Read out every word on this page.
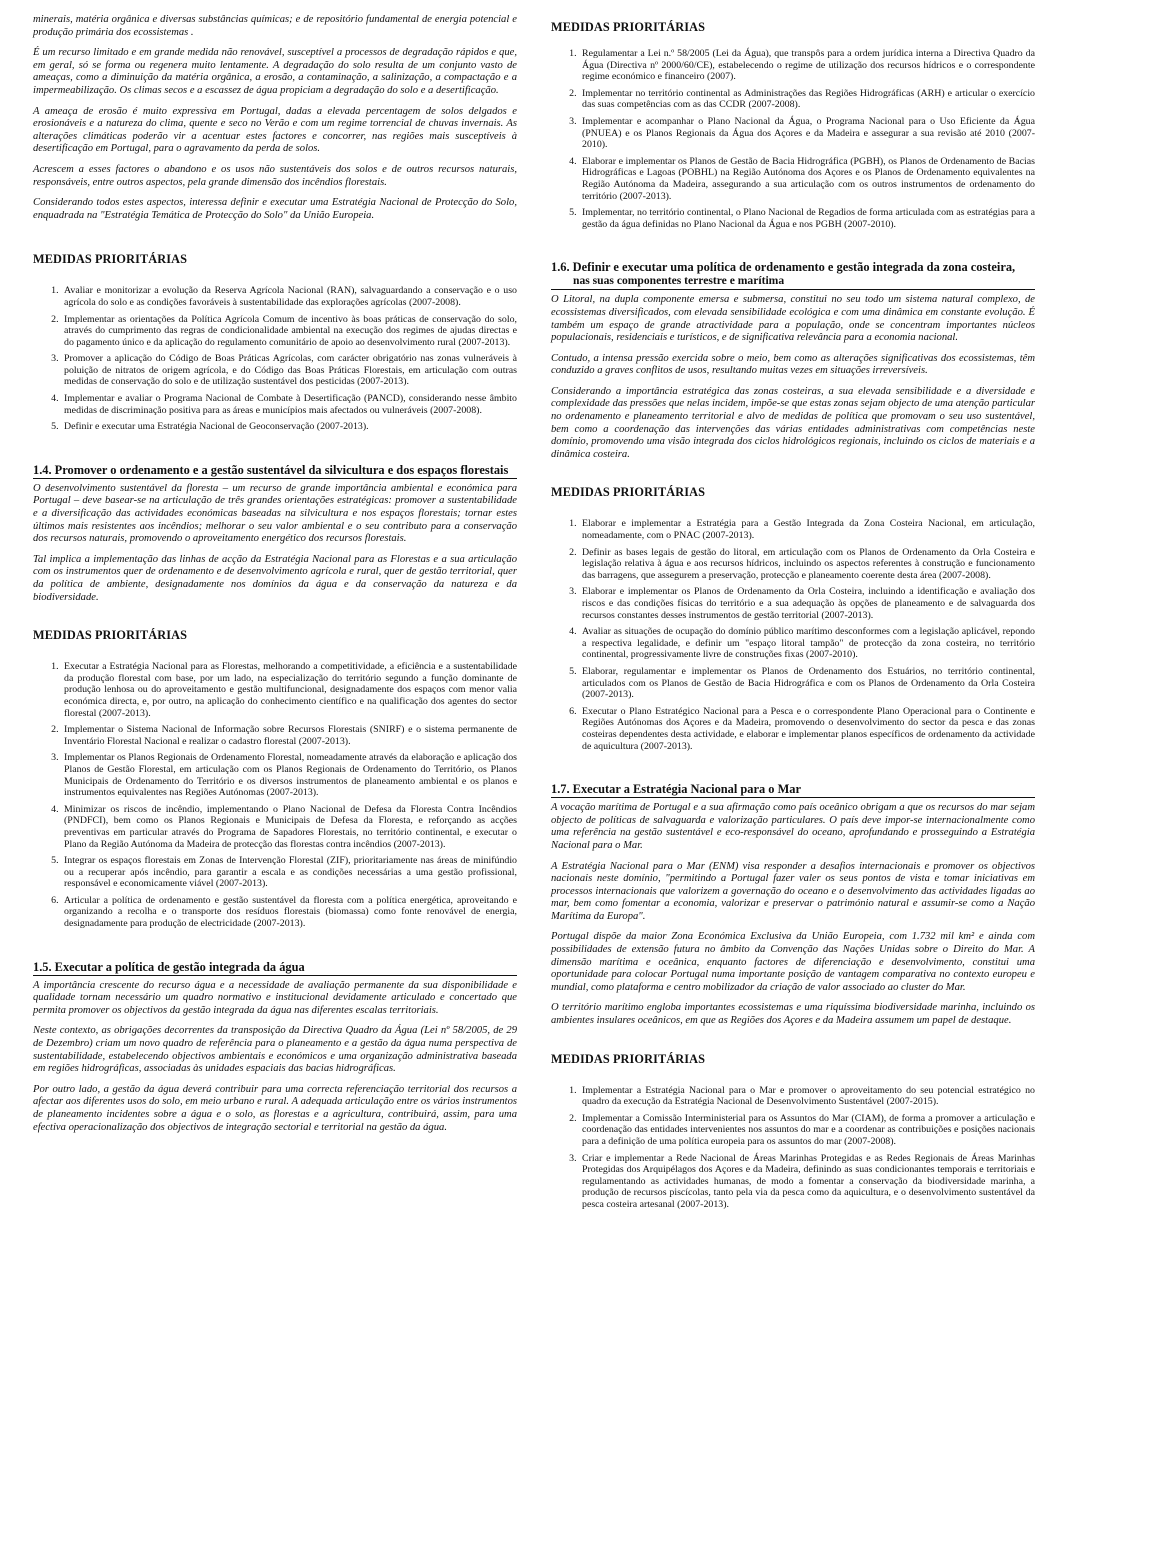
minerais, matéria orgânica e diversas substâncias químicas; e de repositório fundamental de energia potencial e produção primária dos ecossistemas .

É um recurso limitado e em grande medida não renovável, susceptível a processos de degradação rápidos e que, em geral, só se forma ou regenera muito lentamente. A degradação do solo resulta de um conjunto vasto de ameaças, como a diminuição da matéria orgânica, a erosão, a contaminação, a salinização, a compactação e a impermeabilização. Os climas secos e a escassez de água propiciam a degradação do solo e a desertificação.

A ameaça de erosão é muito expressiva em Portugal, dadas a elevada percentagem de solos delgados e erosionáveis e a natureza do clima, quente e seco no Verão e com um regime torrencial de chuvas invernais. As alterações climáticas poderão vir a acentuar estes factores e concorrer, nas regiões mais susceptíveis à desertificação em Portugal, para o agravamento da perda de solos.

Acrescem a esses factores o abandono e os usos não sustentáveis dos solos e de outros recursos naturais, responsáveis, entre outros aspectos, pela grande dimensão dos incêndios florestais.

Considerando todos estes aspectos, interessa definir e executar uma Estratégia Nacional de Protecção do Solo, enquadrada na "Estratégia Temática de Protecção do Solo" da União Europeia.

MEDIDAS PRIORITÁRIAS
1. Avaliar e monitorizar a evolução da Reserva Agrícola Nacional (RAN), salvaguardando a conservação e o uso agrícola do solo e as condições favoráveis à sustentabilidade das explorações agrícolas (2007-2008).
2. Implementar as orientações da Política Agrícola Comum de incentivo às boas práticas de conservação do solo, através do cumprimento das regras de condicionalidade ambiental na execução dos regimes de ajudas directas e do pagamento único e da aplicação do regulamento comunitário de apoio ao desenvolvimento rural (2007-2013).
3. Promover a aplicação do Código de Boas Práticas Agrícolas, com carácter obrigatório nas zonas vulneráveis à poluição de nitratos de origem agrícola, e do Código das Boas Práticas Florestais, em articulação com outras medidas de conservação do solo e de utilização sustentável dos pesticidas (2007-2013).
4. Implementar e avaliar o Programa Nacional de Combate à Desertificação (PANCD), considerando nesse âmbito medidas de discriminação positiva para as áreas e municípios mais afectados ou vulneráveis (2007-2008).
5. Definir e executar uma Estratégia Nacional de Geoconservação (2007-2013).
1.4. Promover o ordenamento e a gestão sustentável da silvicultura e dos espaços florestais

O desenvolvimento sustentável da floresta – um recurso de grande importância ambiental e económica para Portugal – deve basear-se na articulação de três grandes orientações estratégicas: promover a sustentabilidade e a diversificação das actividades económicas baseadas na silvicultura e nos espaços florestais; tornar estes últimos mais resistentes aos incêndios; melhorar o seu valor ambiental e o seu contributo para a conservação dos recursos naturais, promovendo o aproveitamento energético dos recursos florestais.

Tal implica a implementação das linhas de acção da Estratégia Nacional para as Florestas e a sua articulação com os instrumentos quer de ordenamento e de desenvolvimento agrícola e rural, quer de gestão territorial, quer da política de ambiente, designadamente nos domínios da água e da conservação da natureza e da biodiversidade.

MEDIDAS PRIORITÁRIAS
1. Executar a Estratégia Nacional para as Florestas, melhorando a competitividade, a eficiência e a sustentabilidade da produção florestal com base, por um lado, na especialização do território segundo a função dominante de produção lenhosa ou do aproveitamento e gestão multifuncional, designadamente dos espaços com menor valia económica directa, e, por outro, na aplicação do conhecimento científico e na qualificação dos agentes do sector florestal (2007-2013).
2. Implementar o Sistema Nacional de Informação sobre Recursos Florestais (SNIRF) e o sistema permanente de Inventário Florestal Nacional e realizar o cadastro florestal (2007-2013).
3. Implementar os Planos Regionais de Ordenamento Florestal, nomeadamente através da elaboração e aplicação dos Planos de Gestão Florestal, em articulação com os Planos Regionais de Ordenamento do Território, os Planos Municipais de Ordenamento do Território e os diversos instrumentos de planeamento ambiental e os planos e instrumentos equivalentes nas Regiões Autónomas (2007-2013).
4. Minimizar os riscos de incêndio, implementando o Plano Nacional de Defesa da Floresta Contra Incêndios (PNDFCI), bem como os Planos Regionais e Municipais de Defesa da Floresta, e reforçando as acções preventivas em particular através do Programa de Sapadores Florestais, no território continental, e executar o Plano da Região Autónoma da Madeira de protecção das florestas contra incêndios (2007-2013).
5. Integrar os espaços florestais em Zonas de Intervenção Florestal (ZIF), prioritariamente nas áreas de minifúndio ou a recuperar após incêndio, para garantir a escala e as condições necessárias a uma gestão profissional, responsável e economicamente viável (2007-2013).
6. Articular a política de ordenamento e gestão sustentável da floresta com a política energética, aproveitando e organizando a recolha e o transporte dos resíduos florestais (biomassa) como fonte renovável de energia, designadamente para produção de electricidade (2007-2013).
1.5. Executar a política de gestão integrada da água

A importância crescente do recurso água e a necessidade de avaliação permanente da sua disponibilidade e qualidade tornam necessário um quadro normativo e institucional devidamente articulado e concertado que permita promover os objectivos da gestão integrada da água nas diferentes escalas territoriais.

Neste contexto, as obrigações decorrentes da transposição da Directiva Quadro da Água (Lei nº 58/2005, de 29 de Dezembro) criam um novo quadro de referência para o planeamento e a gestão da água numa perspectiva de sustentabilidade, estabelecendo objectivos ambientais e económicos e uma organização administrativa baseada em regiões hidrográficas, associadas às unidades espaciais das bacias hidrográficas.

Por outro lado, a gestão da água deverá contribuir para uma correcta referenciação territorial dos recursos a afectar aos diferentes usos do solo, em meio urbano e rural. A adequada articulação entre os vários instrumentos de planeamento incidentes sobre a água e o solo, as florestas e a agricultura, contribuirá, assim, para uma efectiva operacionalização dos objectivos de integração sectorial e territorial na gestão da água.

MEDIDAS PRIORITÁRIAS
1. Regulamentar a Lei n.º 58/2005 (Lei da Água), que transpôs para a ordem jurídica interna a Directiva Quadro da Água (Directiva nº 2000/60/CE), estabelecendo o regime de utilização dos recursos hídricos e o correspondente regime económico e financeiro (2007).
2. Implementar no território continental as Administrações das Regiões Hidrográficas (ARH) e articular o exercício das suas competências com as das CCDR (2007-2008).
3. Implementar e acompanhar o Plano Nacional da Água, o Programa Nacional para o Uso Eficiente da Água (PNUEA) e os Planos Regionais da Água dos Açores e da Madeira e assegurar a sua revisão até 2010 (2007-2010).
4. Elaborar e implementar os Planos de Gestão de Bacia Hidrográfica (PGBH), os Planos de Ordenamento de Bacias Hidrográficas e Lagoas (POBHL) na Região Autónoma dos Açores e os Planos de Ordenamento equivalentes na Região Autónoma da Madeira, assegurando a sua articulação com os outros instrumentos de ordenamento do território (2007-2013).
5. Implementar, no território continental, o Plano Nacional de Regadios de forma articulada com as estratégias para a gestão da água definidas no Plano Nacional da Água e nos PGBH (2007-2010).
1.6. Definir e executar uma política de ordenamento e gestão integrada da zona costeira,
nas suas componentes terrestre e marítima

O Litoral, na dupla componente emersa e submersa, constitui no seu todo um sistema natural complexo, de ecossistemas diversificados, com elevada sensibilidade ecológica e com uma dinâmica em constante evolução. É também um espaço de grande atractividade para a população, onde se concentram importantes núcleos populacionais, residenciais e turísticos, e de significativa relevância para a economia nacional.

Contudo, a intensa pressão exercida sobre o meio, bem como as alterações significativas dos ecossistemas, têm conduzido a graves conflitos de usos, resultando muitas vezes em situações irreversíveis.

Considerando a importância estratégica das zonas costeiras, a sua elevada sensibilidade e a diversidade e complexidade das pressões que nelas incidem, impõe-se que estas zonas sejam objecto de uma atenção particular no ordenamento e planeamento territorial e alvo de medidas de política que promovam o seu uso sustentável, bem como a coordenação das intervenções das várias entidades administrativas com competências neste domínio, promovendo uma visão integrada dos ciclos hidrológicos regionais, incluindo os ciclos de materiais e a dinâmica costeira.

MEDIDAS PRIORITÁRIAS
1. Elaborar e implementar a Estratégia para a Gestão Integrada da Zona Costeira Nacional, em articulação, nomeadamente, com o PNAC (2007-2013).
2. Definir as bases legais de gestão do litoral, em articulação com os Planos de Ordenamento da Orla Costeira e legislação relativa à água e aos recursos hídricos, incluindo os aspectos referentes à construção e funcionamento das barragens, que assegurem a preservação, protecção e planeamento coerente desta área (2007-2008).
3. Elaborar e implementar os Planos de Ordenamento da Orla Costeira, incluindo a identificação e avaliação dos riscos e das condições físicas do território e a sua adequação às opções de planeamento e de salvaguarda dos recursos constantes desses instrumentos de gestão territorial (2007-2013).
4. Avaliar as situações de ocupação do domínio público marítimo desconformes com a legislação aplicável, repondo a respectiva legalidade, e definir um "espaço litoral tampão" de protecção da zona costeira, no território continental, progressivamente livre de construções fixas (2007-2010).
5. Elaborar, regulamentar e implementar os Planos de Ordenamento dos Estuários, no território continental, articulados com os Planos de Gestão de Bacia Hidrográfica e com os Planos de Ordenamento da Orla Costeira (2007-2013).
6. Executar o Plano Estratégico Nacional para a Pesca e o correspondente Plano Operacional para o Continente e Regiões Autónomas dos Açores e da Madeira, promovendo o desenvolvimento do sector da pesca e das zonas costeiras dependentes desta actividade, e elaborar e implementar planos específicos de ordenamento da actividade de aquicultura (2007-2013).
1.7. Executar a Estratégia Nacional para o Mar

A vocação marítima de Portugal e a sua afirmação como país oceânico obrigam a que os recursos do mar sejam objecto de políticas de salvaguarda e valorização particulares. O país deve impor-se internacionalmente como uma referência na gestão sustentável e eco-responsável do oceano, aprofundando e prosseguindo a Estratégia Nacional para o Mar.

A Estratégia Nacional para o Mar (ENM) visa responder a desafios internacionais e promover os objectivos nacionais neste domínio, "permitindo a Portugal fazer valer os seus pontos de vista e tomar iniciativas em processos internacionais que valorizem a governação do oceano e o desenvolvimento das actividades ligadas ao mar, bem como fomentar a economia, valorizar e preservar o património natural e assumir-se como a Nação Marítima da Europa".

Portugal dispõe da maior Zona Económica Exclusiva da União Europeia, com 1.732 mil km² e ainda com possibilidades de extensão futura no âmbito da Convenção das Nações Unidas sobre o Direito do Mar. A dimensão marítima e oceânica, enquanto factores de diferenciação e desenvolvimento, constitui uma oportunidade para colocar Portugal numa importante posição de vantagem comparativa no contexto europeu e mundial, como plataforma e centro mobilizador da criação de valor associado ao cluster do Mar.

O território marítimo engloba importantes ecossistemas e uma riquíssima biodiversidade marinha, incluindo os ambientes insulares oceânicos, em que as Regiões dos Açores e da Madeira assumem um papel de destaque.

MEDIDAS PRIORITÁRIAS
1. Implementar a Estratégia Nacional para o Mar e promover o aproveitamento do seu potencial estratégico no quadro da execução da Estratégia Nacional de Desenvolvimento Sustentável (2007-2015).
2. Implementar a Comissão Interministerial para os Assuntos do Mar (CIAM), de forma a promover a articulação e coordenação das entidades intervenientes nos assuntos do mar e a coordenar as contribuições e posições nacionais para a definição de uma política europeia para os assuntos do mar (2007-2008).
3. Criar e implementar a Rede Nacional de Áreas Marinhas Protegidas e as Redes Regionais de Áreas Marinhas Protegidas dos Arquipélagos dos Açores e da Madeira, definindo as suas condicionantes temporais e territoriais e regulamentando as actividades humanas, de modo a fomentar a conservação da biodiversidade marinha, a produção de recursos piscícolas, tanto pela via da pesca como da aquicultura, e o desenvolvimento sustentável da pesca costeira artesanal (2007-2013).
